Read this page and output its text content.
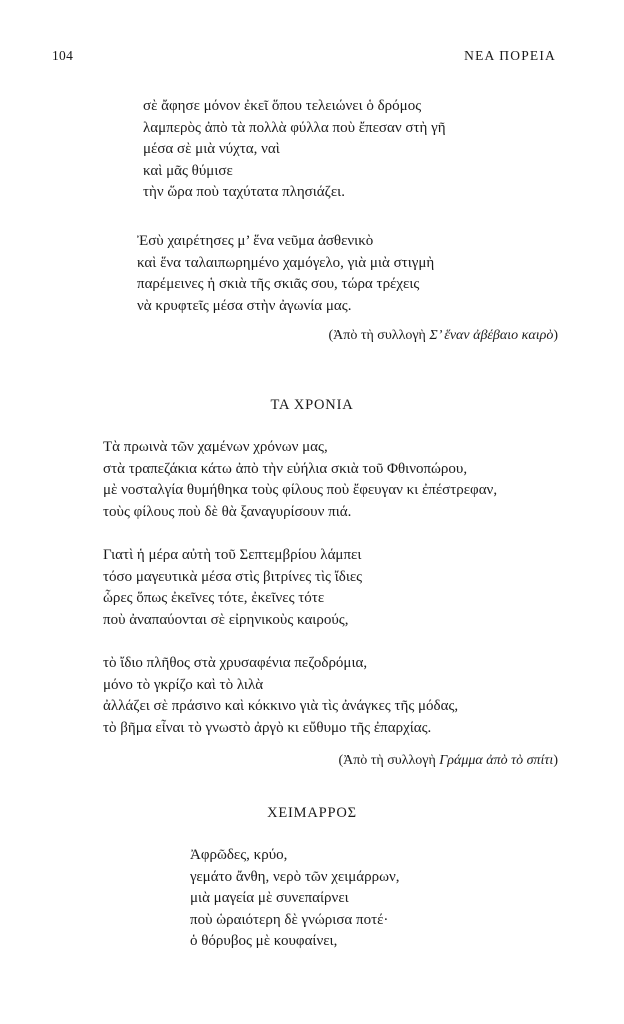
104	ΝΕΑ ΠΟΡΕΙΑ
σὲ ἄφησε μόνον ἐκεῖ ὅπου τελειώνει ὁ δρόμος
λαμπερὸς ἀπὸ τὰ πολλὰ φύλλα ποὺ ἔπεσαν στὴ γῆ
μέσα σὲ μιὰ νύχτα, ναὶ
καὶ μᾶς θύμισε
τὴν ὥρα ποὺ ταχύτατα πλησιάζει.
Ἐσὺ χαιρέτησες μ’ ἕνα νεῦμα ἀσθενικὸ
καὶ ἕνα ταλαιπωρημένο χαμόγελο, γιὰ μιὰ στιγμὴ
παρέμεινες ἡ σκιὰ τῆς σκιᾶς σου, τώρα τρέχεις
νὰ κρυφτεῖς μέσα στὴν ἀγωνία μας.
(Ἀπὸ τὴ συλλογὴ Σ’ ἕναν ἀβέβαιο καιρὸ)
ΤΑ ΧΡΟΝΙΑ
Τὰ πρωινὰ τῶν χαμένων χρόνων μας,
στὰ τραπεζάκια κάτω ἀπὸ τὴν εὐήλια σκιὰ τοῦ Φθινοπώρου,
μὲ νοσταλγία θυμήθηκα τοὺς φίλους ποὺ ἔφευγαν κι ἐπέστρεφαν,
τοὺς φίλους ποὺ δὲ θὰ ξαναγυρίσουν πιά.
Γιατὶ ἡ μέρα αὐτὴ τοῦ Σεπτεμβρίου λάμπει
τόσο μαγευτικὰ μέσα στὶς βιτρίνες τὶς ἴδιες
ὧρες ὅπως ἐκεῖνες τότε, ἐκεῖνες τότε
ποὺ ἀναπαύονται σὲ εἰρηνικοὺς καιρούς,
τὸ ἴδιο πλῆθος στὰ χρυσαφένια πεζοδρόμια,
μόνο τὸ γκρίζο καὶ τὸ λιλὰ
ἀλλάζει σὲ πράσινο καὶ κόκκινο γιὰ τὶς ἀνάγκες τῆς μόδας,
τὸ βῆμα εἶναι τὸ γνωστὸ ἀργὸ κι εὔθυμο τῆς ἐπαρχίας.
(Ἀπὸ τὴ συλλογὴ Γράμμα ἀπὸ τὸ σπίτι)
ΧΕΙΜΑΡΡΟΣ
Ἀφρῶδες, κρύο,
γεμάτο ἄνθη, νερὸ τῶν χειμάρρων,
μιὰ μαγεία μὲ συνεπαίρνει
ποὺ ὡραιότερη δὲ γνώρισα ποτέ·
ὁ θόρυβος μὲ κουφαίνει,
